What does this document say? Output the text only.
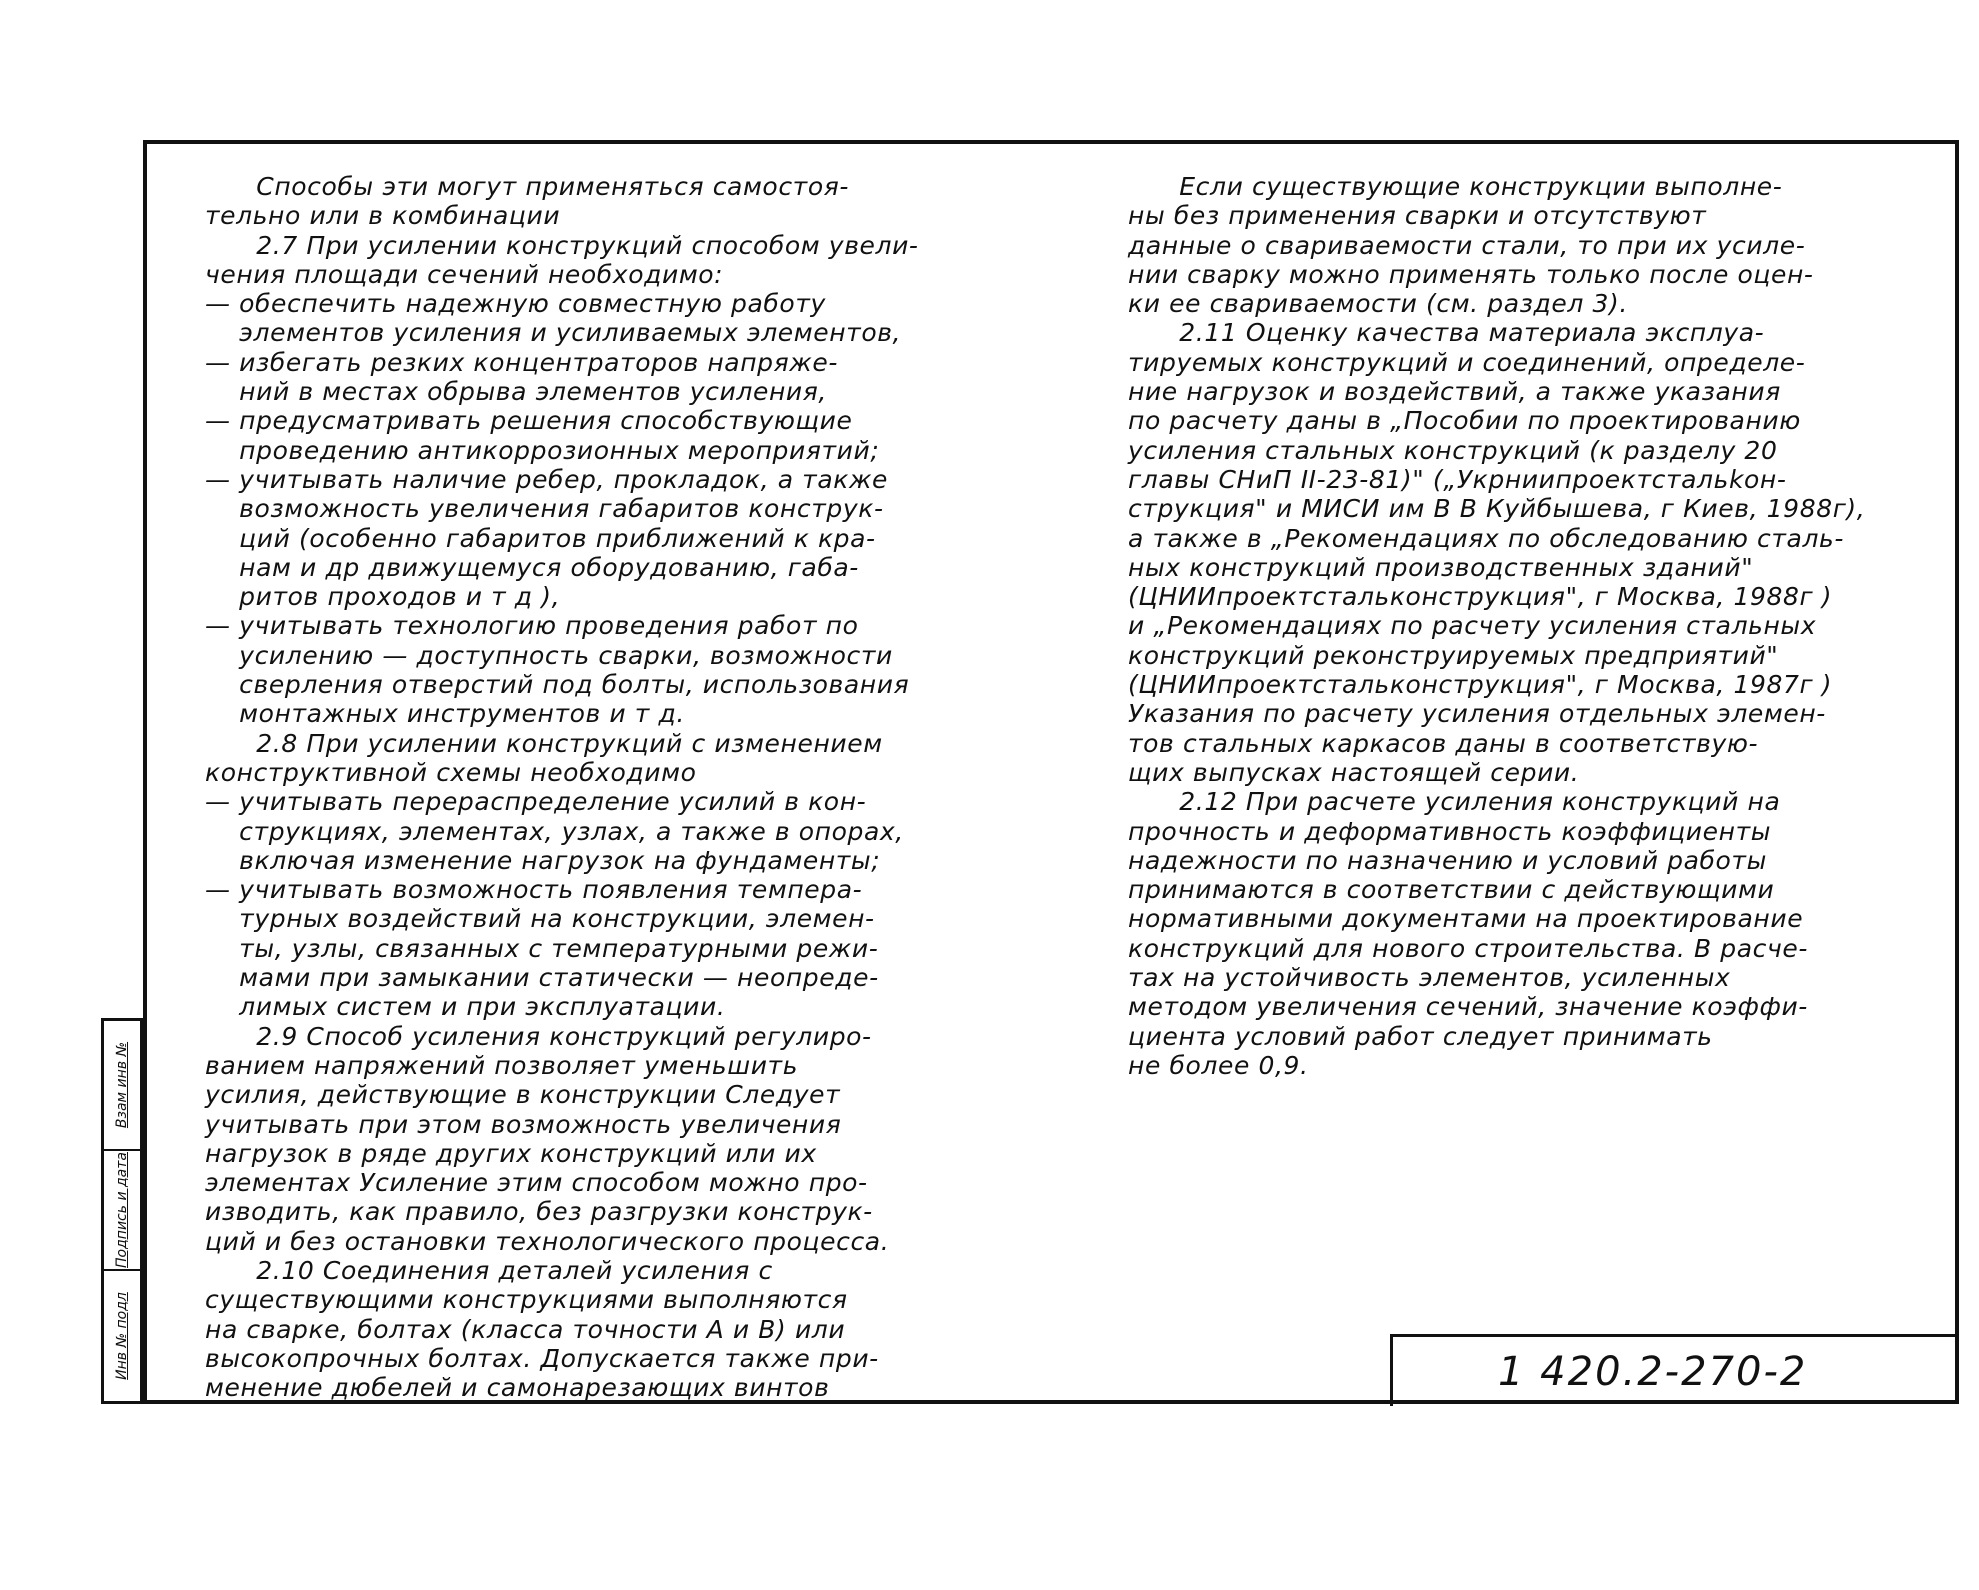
Взам инв №
Подпись и дата
Инв № подл
Способы эти могут применяться самостоя-
тельно или в комбинации
2.7 При усилении конструкций способом увели-
чения площади сечений необходимо:
— обеспечить надежную совместную работу
элементов усиления и усиливаемых элементов,
— избегать резких концентраторов напряже-
ний в местах обрыва элементов усиления,
— предусматривать решения способствующие
проведению антикоррозионных мероприятий;
— учитывать наличие ребер, прокладок, а также
возможность увеличения габаритов конструк-
ций (особенно габаритов приближений к кра-
нам и др движущемуся оборудованию, габа-
ритов проходов и т д ),
— учитывать технологию проведения работ по
усилению — доступность сварки, возможности
сверления отверстий под болты, использования
монтажных инструментов и т д.
2.8 При усилении конструкций с изменением
конструктивной схемы необходимо
— учитывать перераспределение усилий в кон-
струкциях, элементах, узлах, а также в опорах,
включая изменение нагрузок на фундаменты;
— учитывать возможность появления темпера-
турных воздействий на конструкции, элемен-
ты, узлы, связанных с температурными режи-
мами при замыкании статически — неопреде-
лимых систем и при эксплуатации.
2.9 Способ усиления конструкций регулиро-
ванием напряжений позволяет уменьшить
усилия, действующие в конструкции Следует
учитывать при этом возможность увеличения
нагрузок в ряде других конструкций или их
элементах Усиление этим способом можно про-
изводить, как правило, без разгрузки конструк-
ций и без остановки технологического процесса.
2.10 Соединения деталей усиления с
существующими конструкциями выполняются
на сварке, болтах (класса точности А и В) или
высокопрочных болтах. Допускается также при-
менение дюбелей и самонарезающих винтов
Если существующие конструкции выполне-
ны без применения сварки и отсутствуют
данные о свариваемости стали, то при их усиле-
нии сварку можно применять только после оцен-
ки ее свариваемости (см. раздел 3).
2.11 Оценку качества материала эксплуа-
тируемых конструкций и соединений, определе-
ние нагрузок и воздействий, а также указания
по расчету даны в „Пособии по проектированию
усиления стальных конструкций (к разделу 20
главы СНиП II-23-81)" („Укрниипроектстальkон-
струкция" и МИСИ им В В Куйбышева, г Киев, 1988г),
а также в „Рекомендациях по обследованию сталь-
ных конструкций производственных зданий"
(ЦНИИпроектстальконструкция", г Москва, 1988г )
и „Рекомендациях по расчету усиления стальных
конструкций реконструируемых предприятий"
(ЦНИИпроектстальконструкция", г Москва, 1987г )
Указания по расчету усиления отдельных элемен-
тов стальных каркасов даны в соответствую-
щих выпусках настоящей серии.
2.12 При расчете усиления конструкций на
прочность и деформативность коэффициенты
надежности по назначению и условий работы
принимаются в соответствии с действующими
нормативными документами на проектирование
конструкций для нового строительства. В расче-
тах на устойчивость элементов, усиленных
методом увеличения сечений, значение коэффи-
циента условий работ следует принимать
не более 0,9.
1 420.2-270-2
